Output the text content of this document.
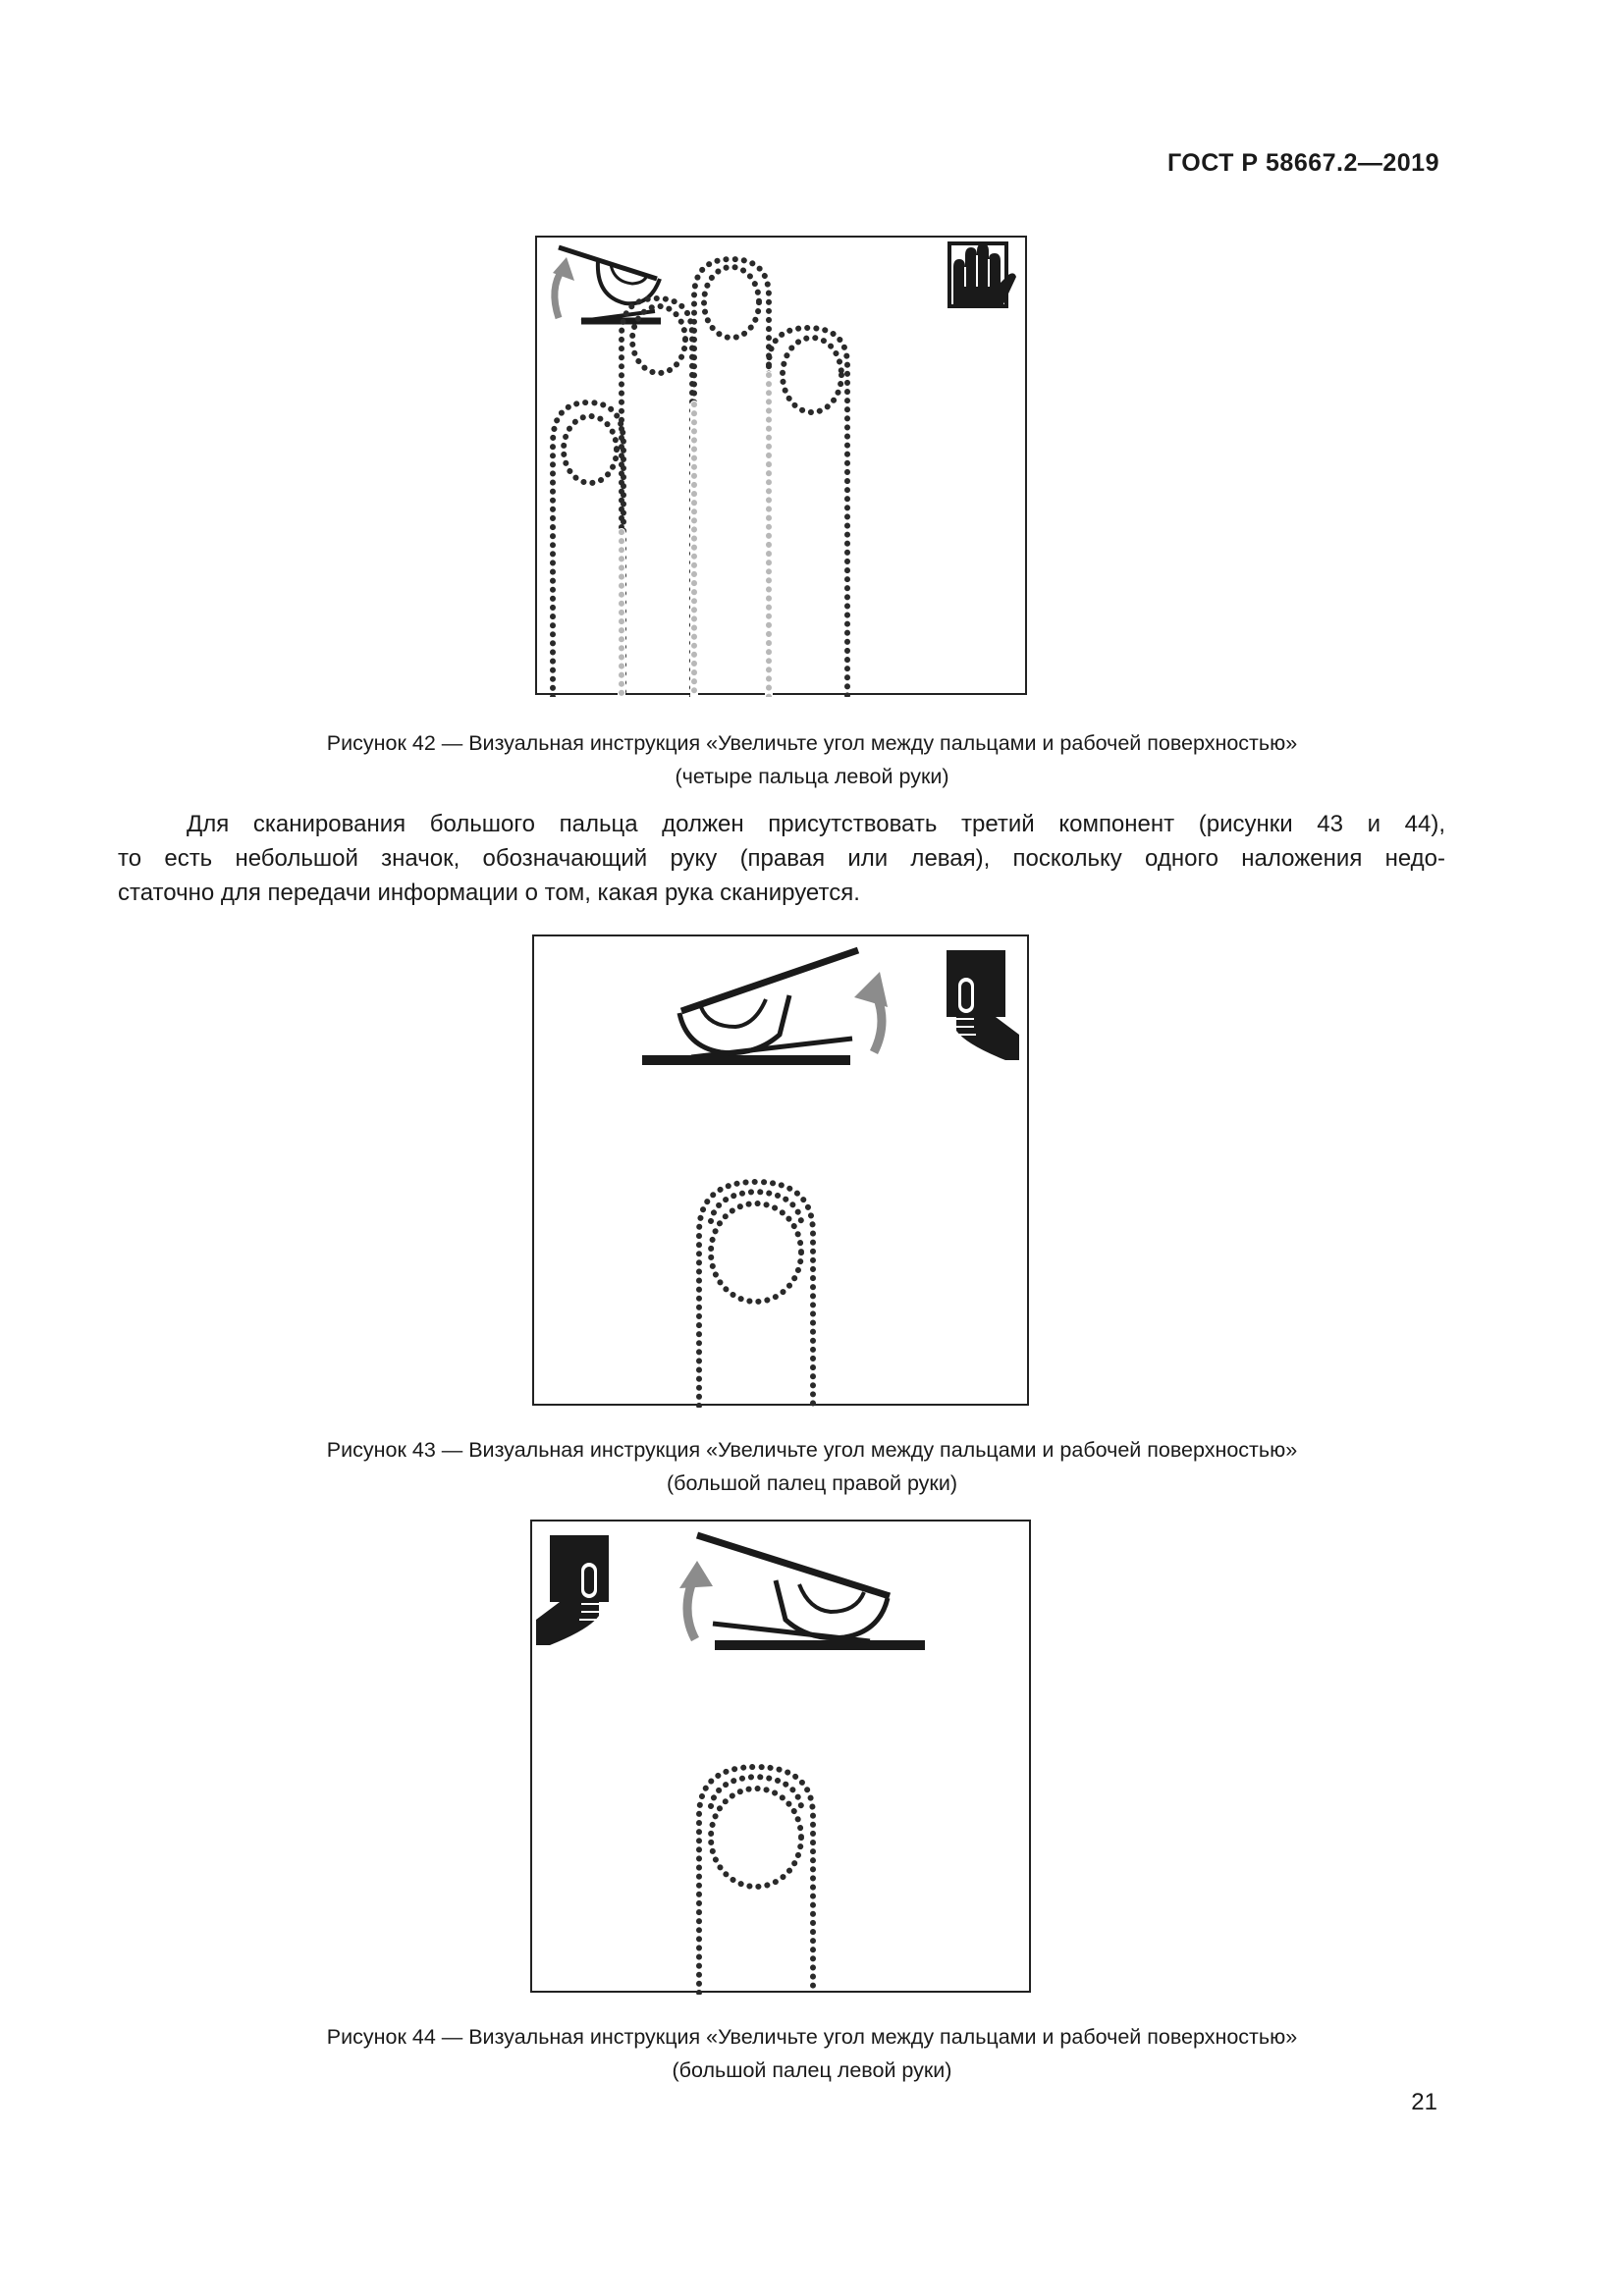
ГОСТ Р 58667.2—2019
Рисунок 42 — Визуальная инструкция «Увеличьте угол между пальцами и рабочей поверхностью»
(четыре пальца левой руки)
Для сканирования большого пальца должен присутствовать третий компонент (рисунки 43 и 44),
то есть небольшой значок, обозначающий руку (правая или левая), поскольку одного наложения недо-
статочно для передачи информации о том, какая рука сканируется.
Рисунок 43 — Визуальная инструкция «Увеличьте угол между пальцами и рабочей поверхностью»
(большой палец правой руки)
Рисунок 44 — Визуальная инструкция «Увеличьте угол между пальцами и рабочей поверхностью»
(большой палец левой руки)
21
